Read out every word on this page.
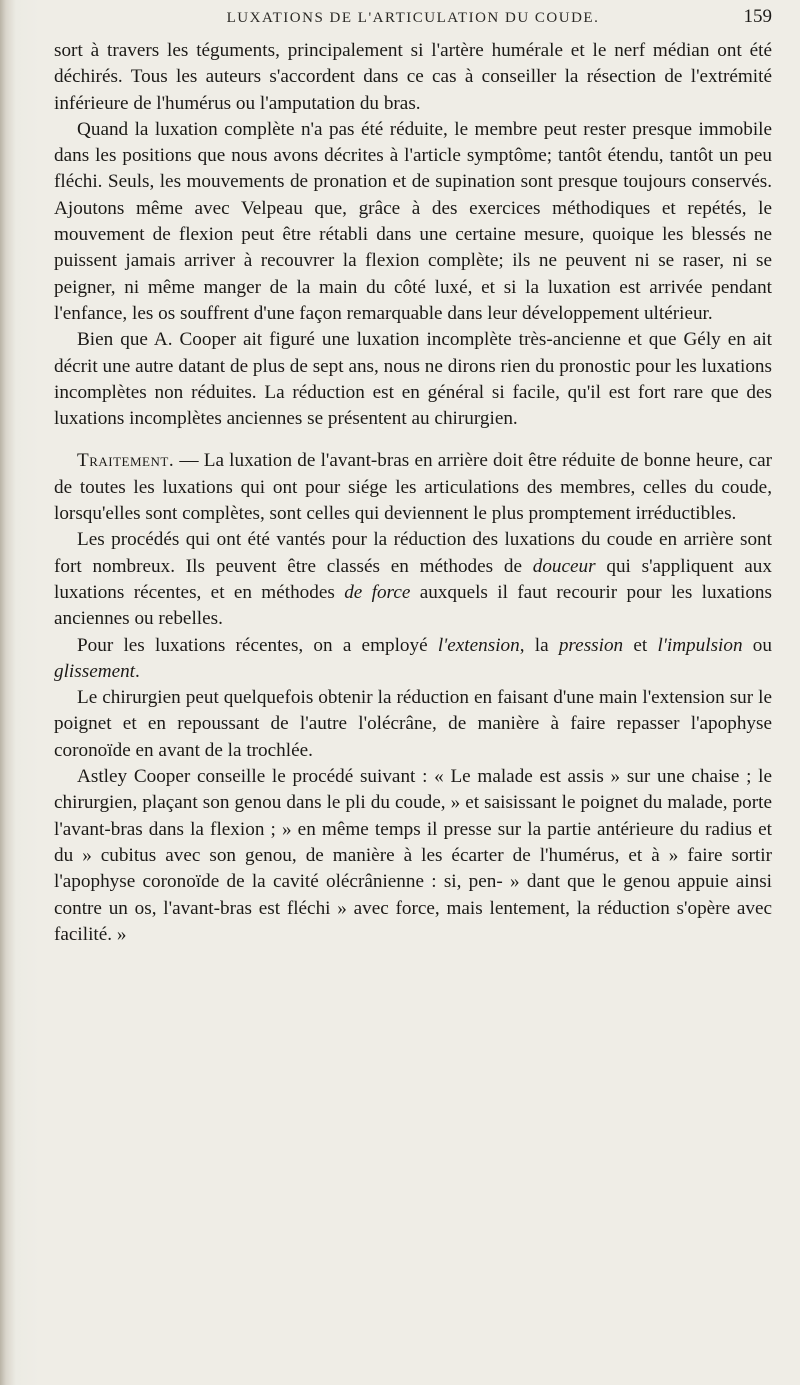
LUXATIONS DE L'ARTICULATION DU COUDE.	159

sort à travers les téguments, principalement si l'artère humérale et le nerf médian ont été déchirés. Tous les auteurs s'accordent dans ce cas à conseiller la résection de l'extrémité inférieure de l'humérus ou l'amputation du bras.

Quand la luxation complète n'a pas été réduite, le membre peut rester presque immobile dans les positions que nous avons décrites à l'article symptôme; tantôt étendu, tantôt un peu fléchi. Seuls, les mouvements de pronation et de supination sont presque toujours conservés. Ajoutons même avec Velpeau que, grâce à des exercices méthodiques et repétés, le mouvement de flexion peut être rétabli dans une certaine mesure, quoique les blessés ne puissent jamais arriver à recouvrer la flexion complète; ils ne peuvent ni se raser, ni se peigner, ni même manger de la main du côté luxé, et si la luxation est arrivée pendant l'enfance, les os souffrent d'une façon remarquable dans leur développement ultérieur.

Bien que A. Cooper ait figuré une luxation incomplète très-ancienne et que Gély en ait décrit une autre datant de plus de sept ans, nous ne dirons rien du pronostic pour les luxations incomplètes non réduites. La réduction est en général si facile, qu'il est fort rare que des luxations incomplètes anciennes se présentent au chirurgien.

Traitement. — La luxation de l'avant-bras en arrière doit être réduite de bonne heure, car de toutes les luxations qui ont pour siége les articulations des membres, celles du coude, lorsqu'elles sont complètes, sont celles qui deviennent le plus promptement irréductibles.

Les procédés qui ont été vantés pour la réduction des luxations du coude en arrière sont fort nombreux. Ils peuvent être classés en méthodes de douceur qui s'appliquent aux luxations récentes, et en méthodes de force auxquels il faut recourir pour les luxations anciennes ou rebelles.

Pour les luxations récentes, on a employé l'extension, la pression et l'impulsion ou glissement.

Le chirurgien peut quelquefois obtenir la réduction en faisant d'une main l'extension sur le poignet et en repoussant de l'autre l'olécrâne, de manière à faire repasser l'apophyse coronoïde en avant de la trochlée.

Astley Cooper conseille le procédé suivant : « Le malade est assis » sur une chaise ; le chirurgien, plaçant son genou dans le pli du coude, » et saisissant le poignet du malade, porte l'avant-bras dans la flexion ; » en même temps il presse sur la partie antérieure du radius et du » cubitus avec son genou, de manière à les écarter de l'humérus, et à » faire sortir l'apophyse coronoïde de la cavité olécrânienne : si, pen- » dant que le genou appuie ainsi contre un os, l'avant-bras est fléchi » avec force, mais lentement, la réduction s'opère avec facilité. »
